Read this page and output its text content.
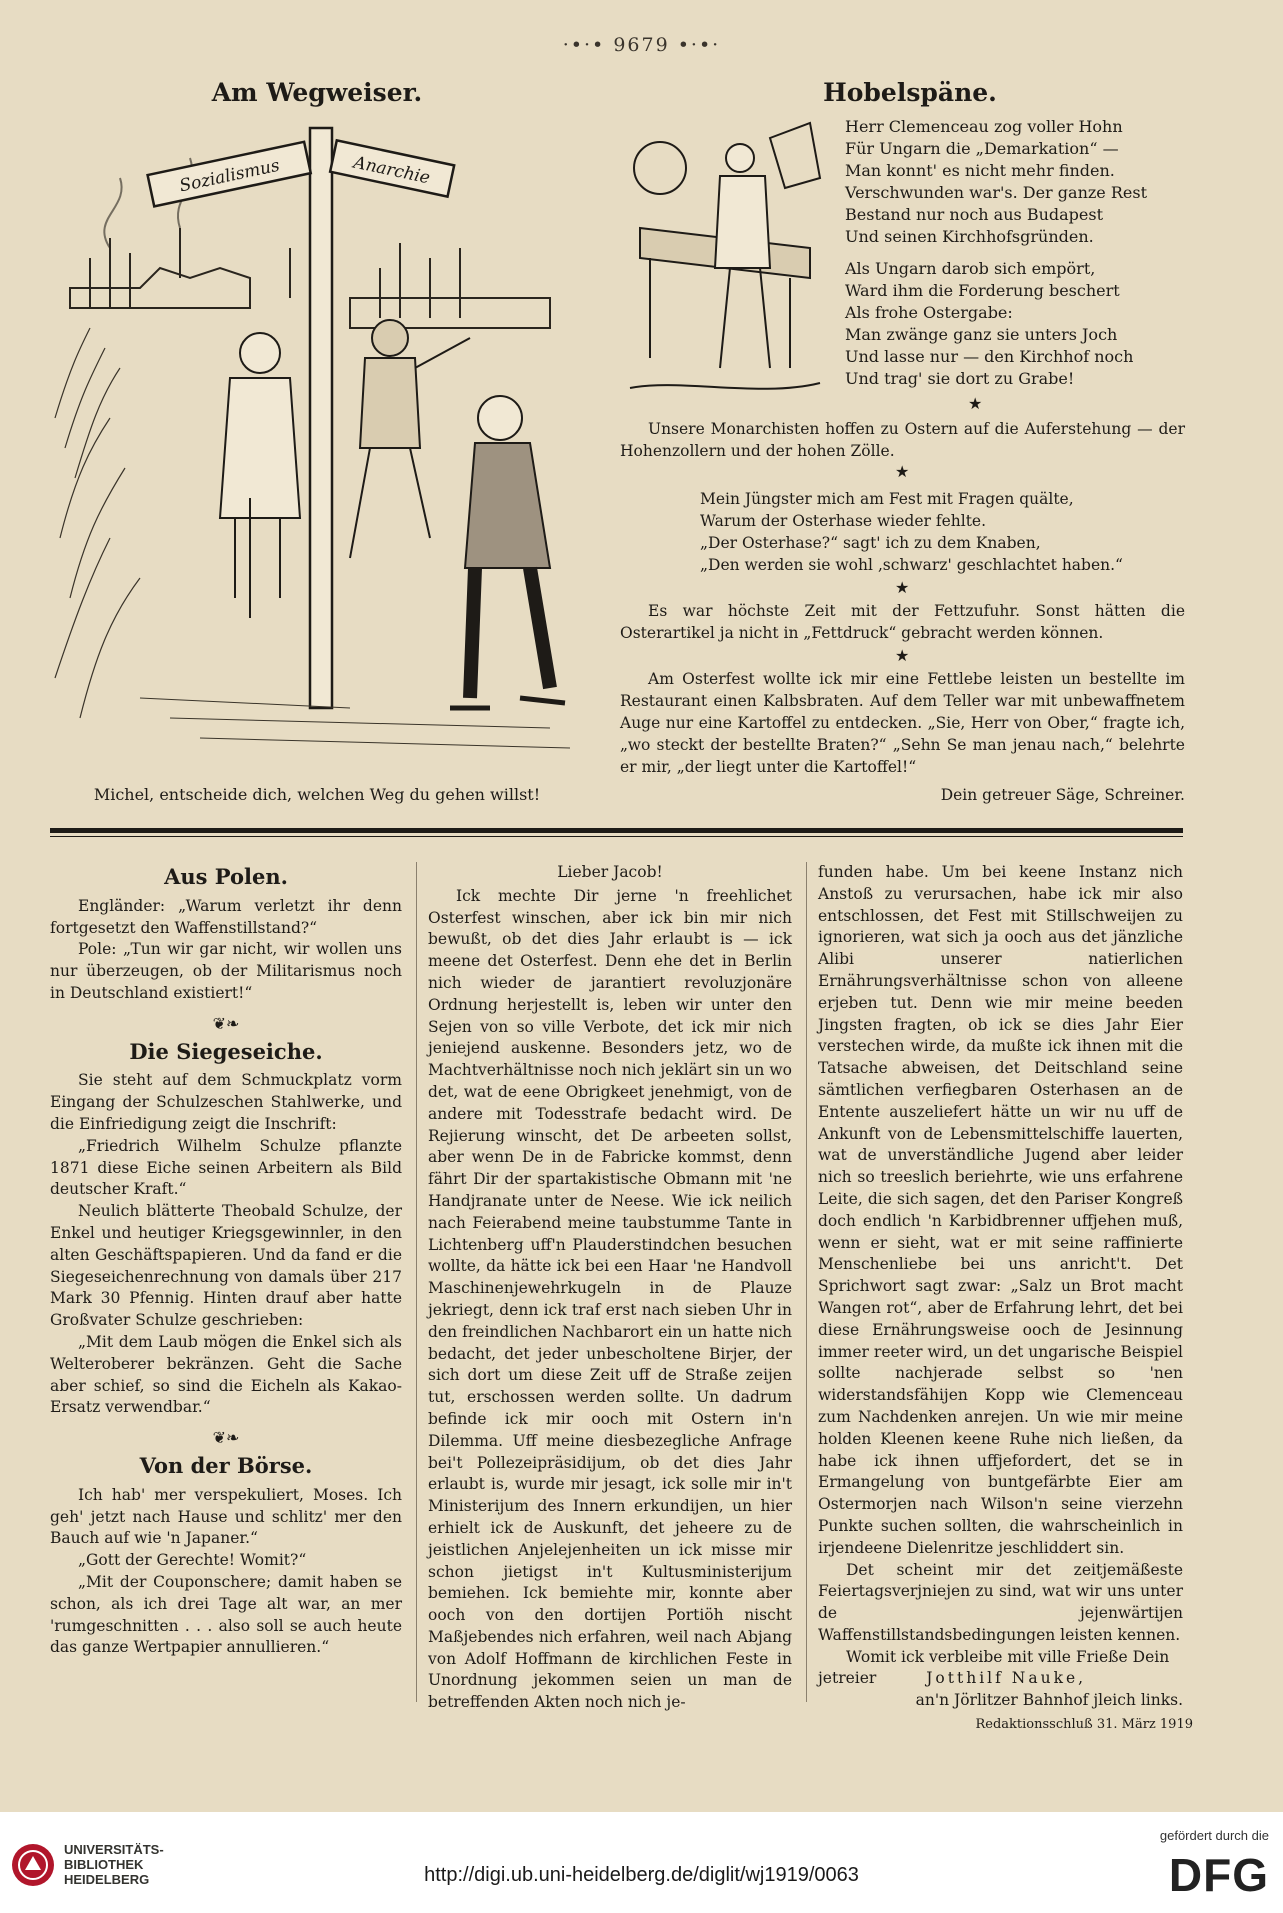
·•·• 9679 •·•·
Am Wegweiser.
Sozialismus	Anarchie
Michel, entscheide dich, welchen Weg du gehen willst!
Hobelspäne.

Herr Clemenceau zog voller Hohn

Für Ungarn die „Demarkation“ —

Man konnt' es nicht mehr finden.

Verschwunden war's. Der ganze Rest

Bestand nur noch aus Budapest

Und seinen Kirchhofsgründen.

Als Ungarn darob sich empört,

Ward ihm die Forderung beschert

Als frohe Ostergabe:

Man zwänge ganz sie unters Joch

Und lasse nur — den Kirchhof noch

Und trag' sie dort zu Grabe!

★
Unsere Monarchisten hoffen zu Ostern auf die Auferstehung — der Hohenzollern und der hohen Zölle.
★

Mein Jüngster mich am Fest mit Fragen quälte,

Warum der Osterhase wieder fehlte.

„Der Osterhase?“ sagt' ich zu dem Knaben,

„Den werden sie wohl ‚schwarz' geschlachtet haben.“

★
Es war höchste Zeit mit der Fettzufuhr. Sonst hätten die Osterartikel ja nicht in „Fettdruck“ gebracht werden können.
★
Am Osterfest wollte ick mir eine Fettlebe leisten un bestellte im Restaurant einen Kalbsbraten. Auf dem Teller war mit unbewaffnetem Auge nur eine Kartoffel zu entdecken. „Sie, Herr von Ober,“ fragte ich, „wo steckt der bestellte Braten?“ „Sehn Se man jenau nach,“ belehrte er mir, „der liegt unter die Kartoffel!“
Dein getreuer Säge, Schreiner.
Aus Polen.

Engländer: „Warum verletzt ihr denn fortgesetzt den Waffenstillstand?“

Pole: „Tun wir gar nicht, wir wollen uns nur überzeugen, ob der Militarismus noch in Deutschland existiert!“

❦❧
Die Siegeseiche.

Sie steht auf dem Schmuckplatz vorm Eingang der Schulzeschen Stahlwerke, und die Einfriedigung zeigt die Inschrift:

„Friedrich Wilhelm Schulze pflanzte 1871 diese Eiche seinen Arbeitern als Bild deutscher Kraft.“

Neulich blätterte Theobald Schulze, der Enkel und heutiger Kriegsgewinnler, in den alten Geschäftspapieren. Und da fand er die Siegeseichenrechnung von damals über 217 Mark 30 Pfennig. Hinten drauf aber hatte Großvater Schulze geschrieben:

„Mit dem Laub mögen die Enkel sich als Welteroberer bekränzen. Geht die Sache aber schief, so sind die Eicheln als Kakao-Ersatz verwendbar.“

❦❧
Von der Börse.

Ich hab' mer verspekuliert, Moses. Ich geh' jetzt nach Hause und schlitz' mer den Bauch auf wie 'n Japaner.“

„Gott der Gerechte! Womit?“

„Mit der Couponschere; damit haben se schon, als ich drei Tage alt war, an mer 'rumgeschnitten . . . also soll se auch heute das ganze Wertpapier annullieren.“

Lieber Jacob!

Ick mechte Dir jerne 'n freehlichet Osterfest winschen, aber ick bin mir nich bewußt, ob det dies Jahr erlaubt is — ick meene det Osterfest. Denn ehe det in Berlin nich wieder de jarantiert revoluzjonäre Ordnung herjestellt is, leben wir unter den Sejen von so ville Verbote, det ick mir nich jeniejend auskenne. Besonders jetz, wo de Machtverhältnisse noch nich jeklärt sin un wo det, wat de eene Obrigkeet jenehmigt, von de andere mit Todesstrafe bedacht wird. De Rejierung winscht, det De arbeeten sollst, aber wenn De in de Fabricke kommst, denn fährt Dir der spartakistische Obmann mit 'ne Handjranate unter de Neese. Wie ick neilich nach Feierabend meine taubstumme Tante in Lichtenberg uff'n Plauderstindchen besuchen wollte, da hätte ick bei een Haar 'ne Handvoll Maschinenjewehrkugeln in de Plauze jekriegt, denn ick traf erst nach sieben Uhr in den freindlichen Nachbarort ein un hatte nich bedacht, det jeder unbescholtene Birjer, der sich dort um diese Zeit uff de Straße zeijen tut, erschossen werden sollte. Un dadrum befinde ick mir ooch mit Ostern in'n Dilemma. Uff meine diesbezegliche Anfrage bei't Pollezeipräsidijum, ob det dies Jahr erlaubt is, wurde mir jesagt, ick solle mir in't Ministerijum des Innern erkundijen, un hier erhielt ick de Auskunft, det jeheere zu de jeistlichen Anjelejenheiten un ick misse mir schon jietigst in't Kultusministerijum bemiehen. Ick bemiehte mir, konnte aber ooch von den dortijen Portiöh nischt Maßjebendes nich erfahren, weil nach Abjang von Adolf Hoffmann de kirchlichen Feste in Unordnung jekommen seien un man de betreffenden Akten noch nich je-

funden habe. Um bei keene Instanz nich Anstoß zu verursachen, habe ick mir also entschlossen, det Fest mit Stillschweijen zu ignorieren, wat sich ja ooch aus det jänzliche Alibi unserer natierlichen Ernährungsverhältnisse schon von alleene erjeben tut. Denn wie mir meine beeden Jingsten fragten, ob ick se dies Jahr Eier verstechen wirde, da mußte ick ihnen mit die Tatsache abweisen, det Deitschland seine sämtlichen verfiegbaren Osterhasen an de Entente auszeliefert hätte un wir nu uff de Ankunft von de Lebensmittelschiffe lauerten, wat de unverständliche Jugend aber leider nich so treeslich beriehrte, wie uns erfahrene Leite, die sich sagen, det den Pariser Kongreß doch endlich 'n Karbidbrenner uffjehen muß, wenn er sieht, wat er mit seine raffinierte Menschenliebe bei uns anricht't. Det Sprichwort sagt zwar: „Salz un Brot macht Wangen rot“, aber de Erfahrung lehrt, det bei diese Ernährungsweise ooch de Jesinnung immer reeter wird, un det ungarische Beispiel sollte nachjerade selbst so 'nen widerstandsfähijen Kopp wie Clemenceau zum Nachdenken anrejen. Un wie mir meine holden Kleenen keene Ruhe nich ließen, da habe ick ihnen uffjefordert, det se in Ermangelung von buntgefärbte Eier am Ostermorjen nach Wilson'n seine vierzehn Punkte suchen sollten, die wahrscheinlich in irjendeene Dielenritze jeschliddert sin.

Det scheint mir det zeitjemäßeste Feiertagsverjniejen zu sind, wat wir uns unter de jejenwärtijen Waffenstillstandsbedingungen leisten kennen.

Womit ick verbleibe mit ville Frieße Dein

jetreier	Jotthilf Nauke,

an'n Jörlitzer Bahnhof jleich links.

Redaktionsschluß 31. März 1919
UNIVERSITÄTS-
BIBLIOTHEK
HEIDELBERG	http://digi.ub.uni-heidelberg.de/diglit/wj1919/0063
gefördert durch die
DFG
